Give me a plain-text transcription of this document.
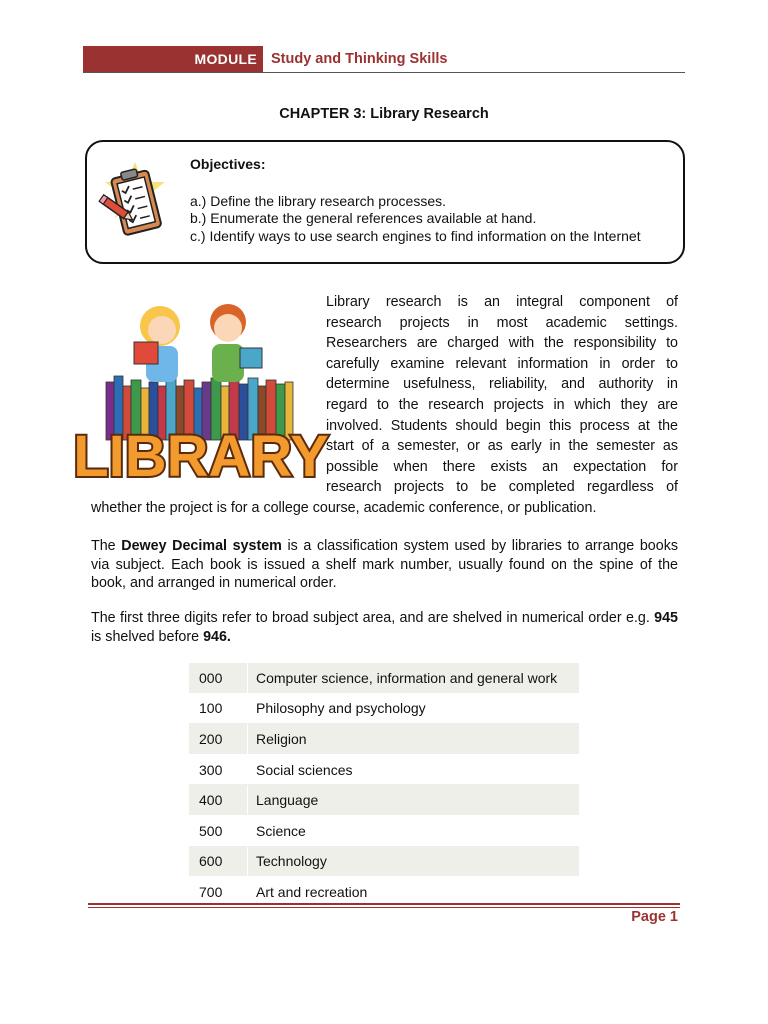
MODULE Study and Thinking Skills
CHAPTER 3: Library Research
Objectives:
a.) Define the library research processes.
b.) Enumerate the general references available at hand.
c.) Identify ways to use search engines to find information on the Internet
LIBRARY
Library research is an integral component of
research projects in most academic settings.
Researchers are charged with the responsibility to
carefully examine relevant information in order to
determine usefulness, reliability, and authority in
regard to the research projects in which they are
involved. Students should begin this process at the
start of a semester, or as early in the semester as
possible when there exists an expectation for
research projects to be completed regardless of
whether the project is for a college course, academic conference, or publication.
The Dewey Decimal system is a classification system used by libraries to arrange books via subject. Each book is issued a shelf mark number, usually found on the spine of the book, and arranged in numerical order.
The first three digits refer to broad subject area, and are shelved in numerical order e.g. 945 is shelved before 946.
000	Computer science, information and general work
100	Philosophy and psychology
200	Religion
300	Social sciences
400	Language
500	Science
600	Technology
700	Art and recreation
Page 1
